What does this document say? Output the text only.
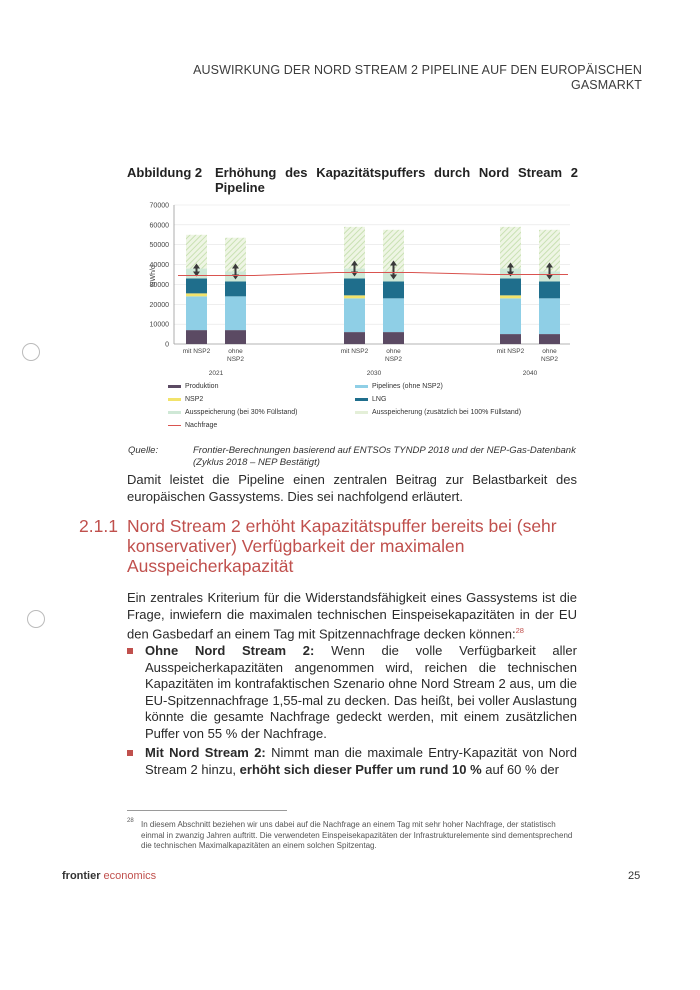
AUSWIRKUNG DER NORD STREAM 2 PIPELINE AUF DEN EUROPÄISCHEN
GASMARKT
Abbildung 2 Erhöhung des Kapazitätspuffers durch Nord Stream 2
Pipeline
0
10000
20000
30000
40000
50000
60000
70000
GWh/d
mit NSP2	ohne
NSP2
2021
mit NSP2	ohne
NSP2
2030
mit NSP2	ohne
NSP2
2040
Produktion	Pipelines (ohne NSP2)
NSP2	LNG
Ausspeicherung (bei 30% Füllstand)	Ausspeicherung (zusätzlich bei 100% Füllstand)
Nachfrage
Quelle:	Frontier-Berechnungen basierend auf ENTSOs TYNDP 2018 und der NEP-Gas-Datenbank (Zyklus 2018 – NEP Bestätigt)
Damit leistet die Pipeline einen zentralen Beitrag zur Belastbarkeit des europäischen Gassystems. Dies sei nachfolgend erläutert.
2.1.1 Nord Stream 2 erhöht Kapazitätspuffer bereits bei (sehr konservativer) Verfügbarkeit der maximalen Ausspeicherkapazität
Ein zentrales Kriterium für die Widerstandsfähigkeit eines Gassystems ist die Frage, inwiefern die maximalen technischen Einspeisekapazitäten in der EU den Gasbedarf an einem Tag mit Spitzennachfrage decken können:$^{28}$
Ohne Nord Stream 2: Wenn die volle Verfügbarkeit aller Ausspeicherkapazitäten angenommen wird, reichen die technischen Kapazitäten im kontrafaktischen Szenario ohne Nord Stream 2 aus, um die EU-Spitzennachfrage 1,55-mal zu decken. Das heißt, bei voller Auslastung könnte die gesamte Nachfrage gedeckt werden, mit einem zusätzlichen Puffer von 55 % der Nachfrage.
Mit Nord Stream 2: Nimmt man die maximale Entry-Kapazität von Nord Stream 2 hinzu, erhöht sich dieser Puffer um rund 10 % auf 60 % der
28 In diesem Abschnitt beziehen wir uns dabei auf die Nachfrage an einem Tag mit sehr hoher Nachfrage, der statistisch einmal in zwanzig Jahren auftritt. Die verwendeten Einspeisekapazitäten der Infrastrukturelemente sind dementsprechend die technischen Maximalkapazitäten an einem solchen Spitzentag.
frontier economics	25
